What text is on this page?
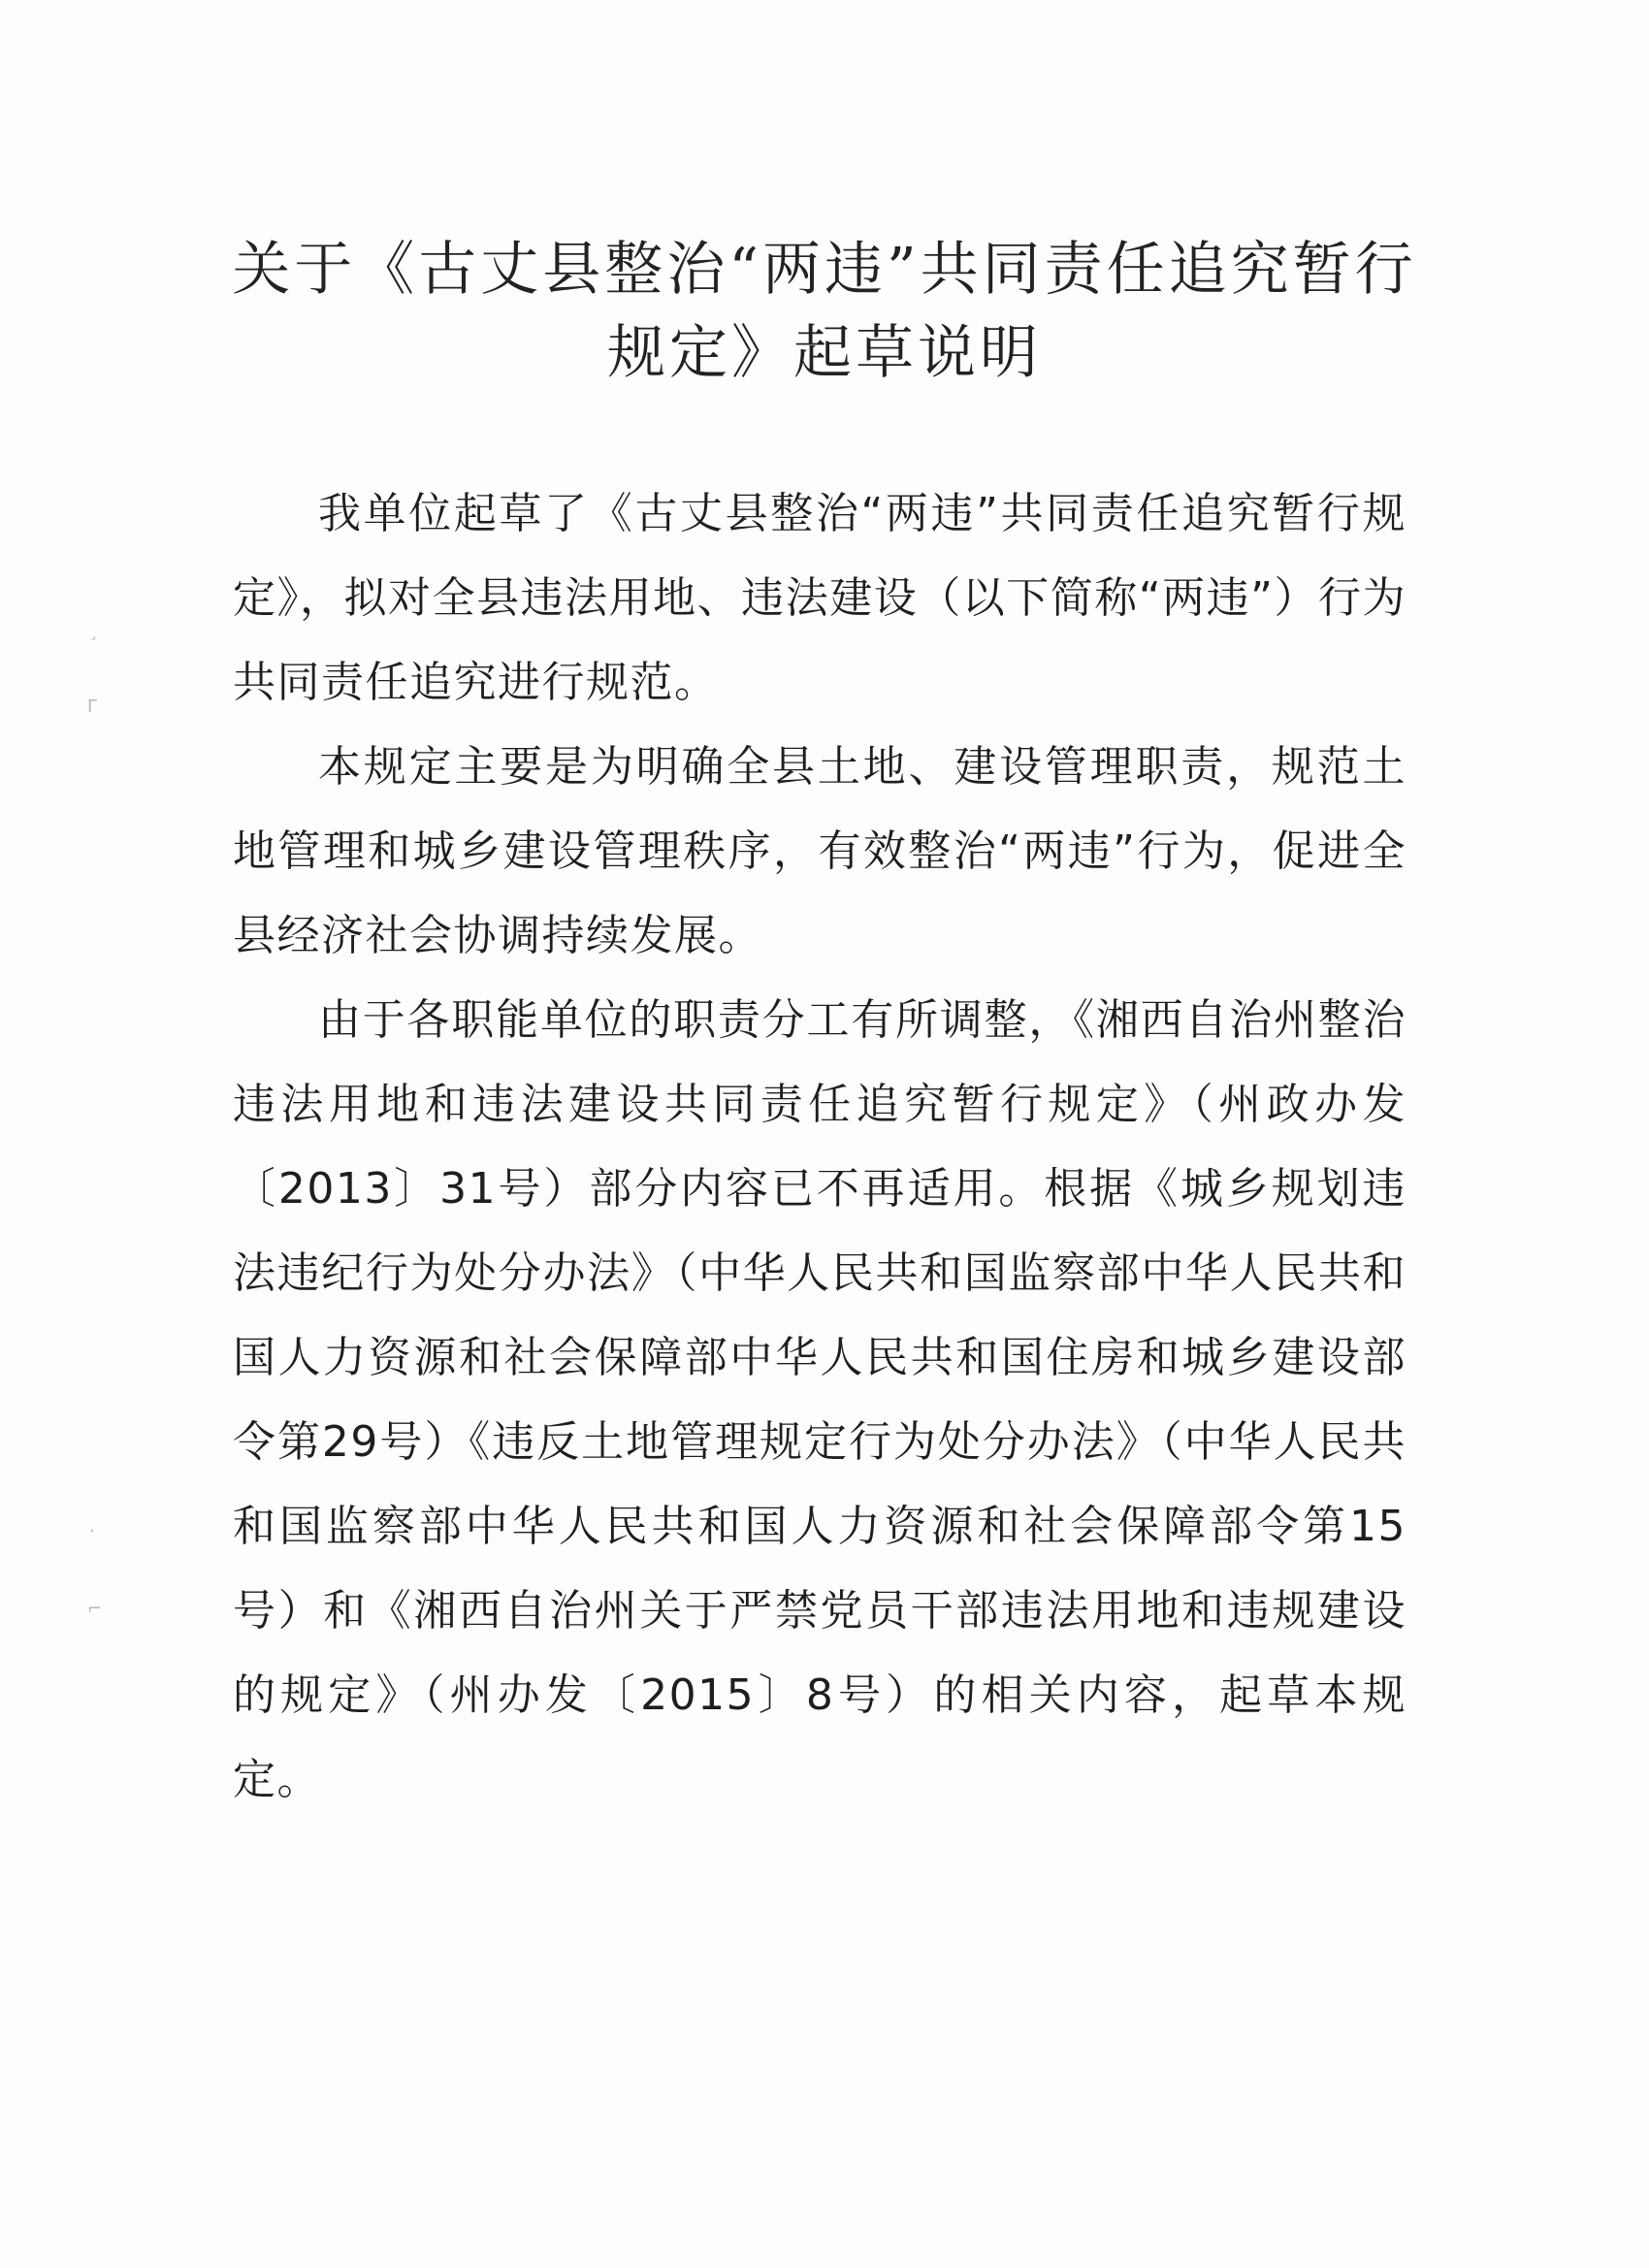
¸
Γ
·
⌐
关于《古丈县整治“两违”共同责任追究暂行
规定》起草说明

我单位起草了《古丈县整治“两违”共同责任追究暂行规定》，拟对全县违法用地、违法建设（以下简称“两违”）行为共同责任追究进行规范。

本规定主要是为明确全县土地、建设管理职责，规范土地管理和城乡建设管理秩序，有效整治“两违”行为，促进全县经济社会协调持续发展。

由于各职能单位的职责分工有所调整，《湘西自治州整治违法用地和违法建设共同责任追究暂行规定》（州政办发〔2013〕31号）部分内容已不再适用。根据《城乡规划违法违纪行为处分办法》（中华人民共和国监察部中华人民共和国人力资源和社会保障部中华人民共和国住房和城乡建设部令第29号）《违反土地管理规定行为处分办法》（中华人民共和国监察部中华人民共和国人力资源和社会保障部令第15号）和《湘西自治州关于严禁党员干部违法用地和违规建设的规定》（州办发〔2015〕8号）的相关内容，起草本规定。
